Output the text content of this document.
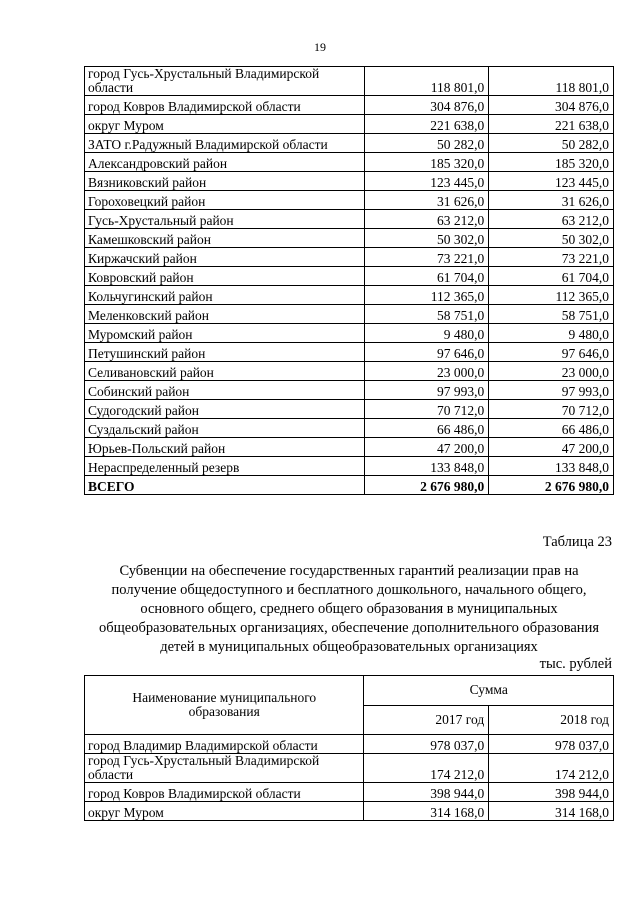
19
город Гусь-Хрустальный Владимирской области	118 801,0	118 801,0
город Ковров Владимирской области	304 876,0	304 876,0
округ Муром	221 638,0	221 638,0
ЗАТО г.Радужный Владимирской области	50 282,0	50 282,0
Александровский район	185 320,0	185 320,0
Вязниковский район	123 445,0	123 445,0
Гороховецкий район	31 626,0	31 626,0
Гусь-Хрустальный район	63 212,0	63 212,0
Камешковский район	50 302,0	50 302,0
Киржачский район	73 221,0	73 221,0
Ковровский район	61 704,0	61 704,0
Кольчугинский район	112 365,0	112 365,0
Меленковский район	58 751,0	58 751,0
Муромский район	9 480,0	9 480,0
Петушинский район	97 646,0	97 646,0
Селивановский район	23 000,0	23 000,0
Собинский район	97 993,0	97 993,0
Судогодский район	70 712,0	70 712,0
Суздальский район	66 486,0	66 486,0
Юрьев-Польский район	47 200,0	47 200,0
Нераспределенный резерв	133 848,0	133 848,0
ВСЕГО	2 676 980,0	2 676 980,0
Таблица 23
Субвенции на обеспечение государственных гарантий реализации прав на
получение общедоступного и бесплатного дошкольного, начального общего,
основного общего, среднего общего образования в муниципальных
общеобразовательных организациях, обеспечение дополнительного образования
детей в муниципальных общеобразовательных организациях
тыс. рублей
Наименование муниципального
образования	Сумма	
	2017 год	2018 год
город Владимир Владимирской области	978 037,0	978 037,0
город Гусь-Хрустальный Владимирской области	174 212,0	174 212,0
город Ковров Владимирской области	398 944,0	398 944,0
округ Муром	314 168,0	314 168,0
